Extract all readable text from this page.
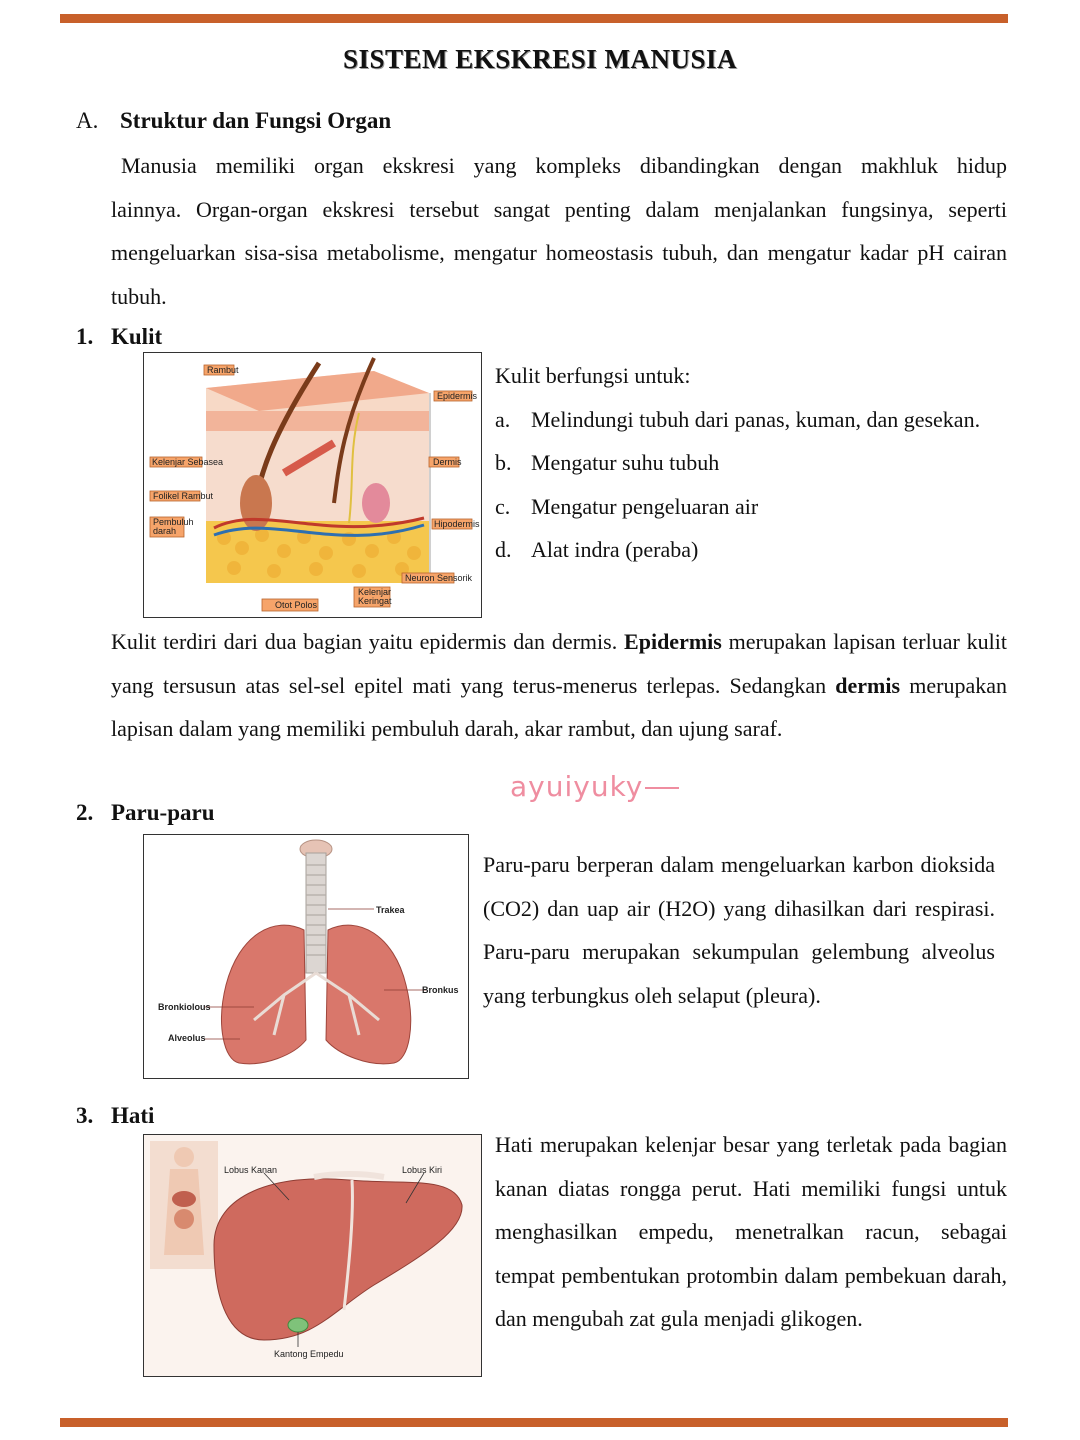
SISTEM EKSKRESI MANUSIA
A. Struktur dan Fungsi Organ
Manusia memiliki organ ekskresi yang kompleks dibandingkan dengan makhluk hidup
lainnya. Organ-organ ekskresi tersebut sangat penting dalam menjalankan fungsinya, seperti mengeluarkan sisa-sisa metabolisme, mengatur homeostasis tubuh, dan mengatur kadar pH cairan tubuh.
1. Kulit
Rambut
Epidermis
Kelenjar Sebasea	Dermis
Folikel Rambut
Pembuluh
darah
Hipodermis
Neuron Sensorik
Kelenjar
Keringat
Otot Polos
Kulit berfungsi untuk:
a. Melindungi tubuh dari panas, kuman, dan gesekan.
b. Mengatur suhu tubuh
c. Mengatur pengeluaran air
d. Alat indra (peraba)
Kulit terdiri dari dua bagian yaitu epidermis dan dermis. Epidermis merupakan lapisan terluar kulit yang tersusun atas sel-sel epitel mati yang terus-menerus terlepas. Sedangkan dermis merupakan lapisan dalam yang memiliki pembuluh darah, akar rambut, dan ujung saraf.
ayuiyuky
2. Paru-paru
Trakea
Bronkus
Bronkiolous
Alveolus
Paru-paru berperan dalam mengeluarkan karbon dioksida (CO2) dan uap air (H2O) yang dihasilkan dari respirasi. Paru-paru merupakan sekumpulan gelembung alveolus yang terbungkus oleh selaput (pleura).
3. Hati
Lobus Kanan	Lobus Kiri
Kantong Empedu
Hati merupakan kelenjar besar yang terletak pada bagian kanan diatas rongga perut. Hati memiliki fungsi untuk menghasilkan empedu, menetralkan racun, sebagai tempat pembentukan protombin dalam pembekuan darah, dan mengubah zat gula menjadi glikogen.
